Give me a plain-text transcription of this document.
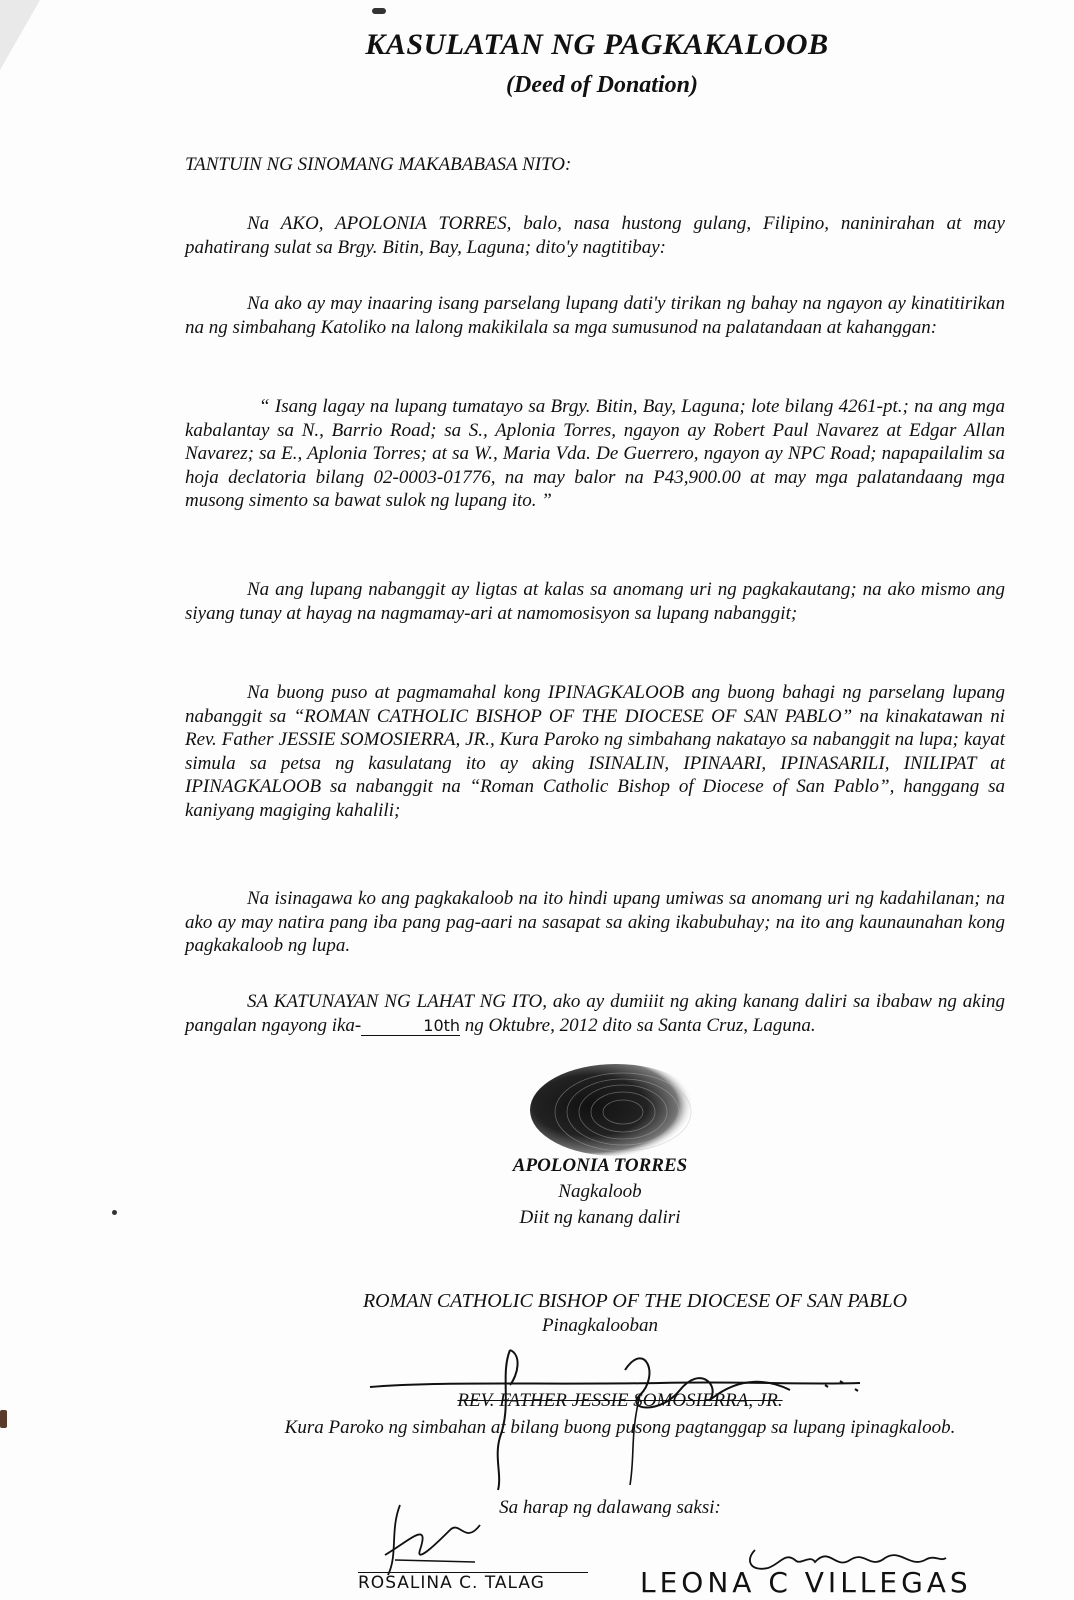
KASULATAN NG PAGKAKALOOB
(Deed of Donation)
TANTUIN NG SINOMANG MAKABABASA NITO:
Na AKO, APOLONIA TORRES, balo, nasa hustong gulang, Filipino, naninirahan at may pahatirang sulat sa Brgy. Bitin, Bay, Laguna; dito'y nagtitibay:
Na ako ay may inaaring isang parselang lupang dati'y tirikan ng bahay na ngayon ay kinatitirikan na ng simbahang Katoliko na lalong makikilala sa mga sumusunod na palatandaan at kahanggan:
“ Isang lagay na lupang tumatayo sa Brgy. Bitin, Bay, Laguna; lote bilang 4261-pt.; na ang mga kabalantay sa N., Barrio Road; sa S., Aplonia Torres, ngayon ay Robert Paul Navarez at Edgar Allan Navarez; sa E., Aplonia Torres; at sa W., Maria Vda. De Guerrero, ngayon ay NPC Road; napapailalim sa hoja declatoria bilang 02-0003-01776, na may balor na P43,900.00 at may mga palatandaang mga musong simento sa bawat sulok ng lupang ito. ”
Na ang lupang nabanggit ay ligtas at kalas sa anomang uri ng pagkakautang; na ako mismo ang siyang tunay at hayag na nagmamay-ari at namomosisyon sa lupang nabanggit;
Na buong puso at pagmamahal kong IPINAGKALOOB ang buong bahagi ng parselang lupang nabanggit sa “ROMAN CATHOLIC BISHOP OF THE DIOCESE OF SAN PABLO” na kinakatawan ni Rev. Father JESSIE SOMOSIERRA, JR., Kura Paroko ng simbahang nakatayo sa nabanggit na lupa; kayat simula sa petsa ng kasulatang ito ay aking ISINALIN, IPINAARI, IPINASARILI, INILIPAT at IPINAGKALOOB sa nabanggit na “Roman Catholic Bishop of Diocese of San Pablo”, hanggang sa kaniyang magiging kahalili;
Na isinagawa ko ang pagkakaloob na ito hindi upang umiwas sa anomang uri ng kadahilanan; na ako ay may natira pang iba pang pag-aari na sasapat sa aking ikabubuhay; na ito ang kaunaunahan kong pagkakaloob ng lupa.
SA KATUNAYAN NG LAHAT NG ITO, ako ay dumiiit ng aking kanang daliri sa ibabaw ng aking pangalan ngayong ika-	10th ng Oktubre, 2012 dito sa Santa Cruz, Laguna.
APOLONIA TORRES
Nagkaloob
Diit ng kanang daliri
ROMAN CATHOLIC BISHOP OF THE DIOCESE OF SAN PABLO
Pinagkalooban
REV. FATHER JESSIE SOMOSIERRA, JR.
Kura Paroko ng simbahan at bilang buong pusong pagtanggap sa lupang ipinagkaloob.
Sa harap ng dalawang saksi:
ROSALINA C. TALAG	LEONA C VILLEGAS
